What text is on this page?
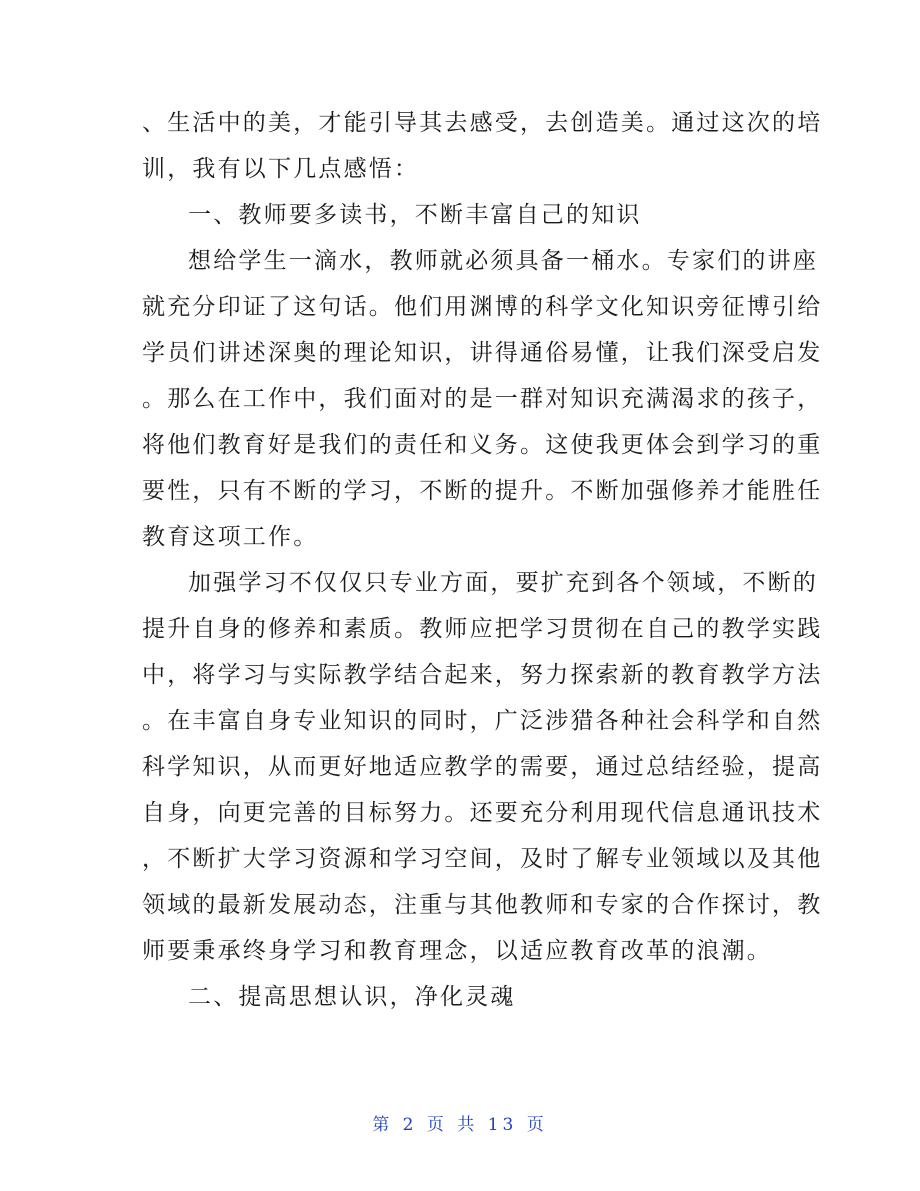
、生活中的美，才能引导其去感受，去创造美。通过这次的培
训，我有以下几点感悟：
一、教师要多读书，不断丰富自己的知识
想给学生一滴水，教师就必须具备一桶水。专家们的讲座
就充分印证了这句话。他们用渊博的科学文化知识旁征博引给
学员们讲述深奥的理论知识，讲得通俗易懂，让我们深受启发
。那么在工作中，我们面对的是一群对知识充满渴求的孩子，
将他们教育好是我们的责任和义务。这使我更体会到学习的重
要性，只有不断的学习，不断的提升。不断加强修养才能胜任
教育这项工作。
加强学习不仅仅只专业方面，要扩充到各个领域，不断的
提升自身的修养和素质。教师应把学习贯彻在自己的教学实践
中，将学习与实际教学结合起来，努力探索新的教育教学方法
。在丰富自身专业知识的同时，广泛涉猎各种社会科学和自然
科学知识，从而更好地适应教学的需要，通过总结经验，提高
自身，向更完善的目标努力。还要充分利用现代信息通讯技术
，不断扩大学习资源和学习空间，及时了解专业领域以及其他
领域的最新发展动态，注重与其他教师和专家的合作探讨，教
师要秉承终身学习和教育理念，以适应教育改革的浪潮。
二、提高思想认识，净化灵魂
第 2 页 共 13 页
